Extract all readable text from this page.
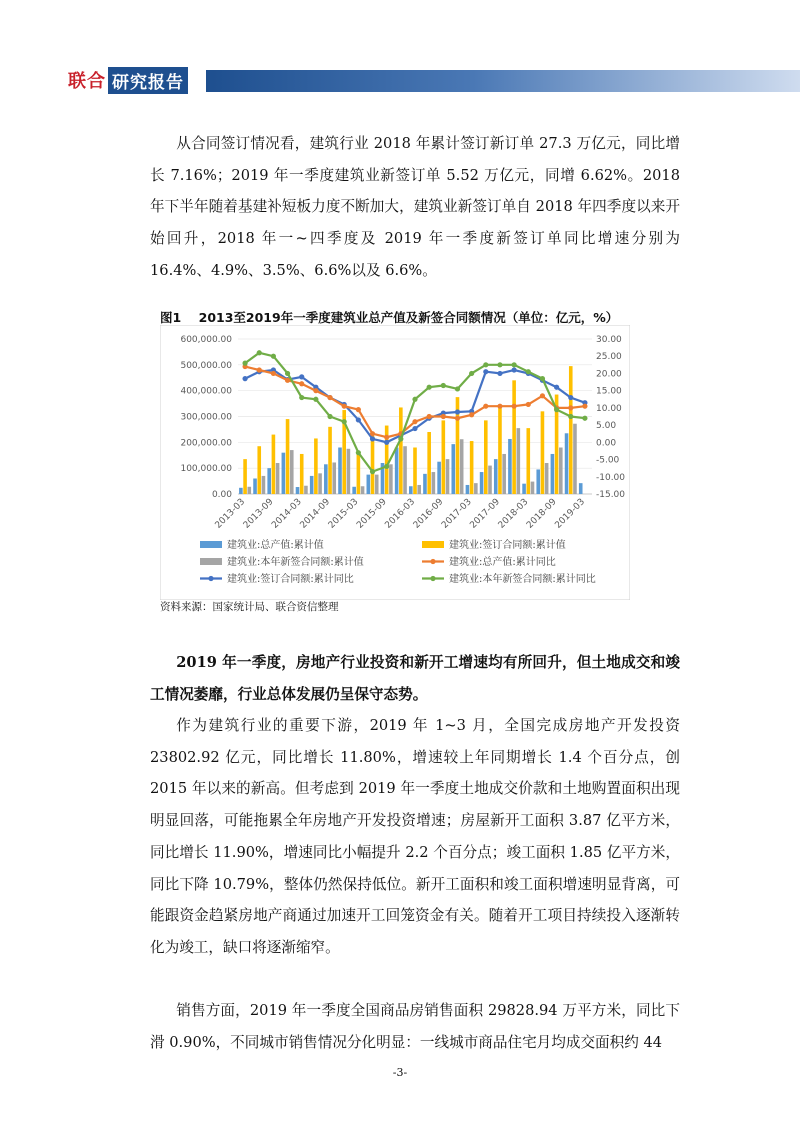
联合 研究报告

从合同签订情况看，建筑行业 2018 年累计签订新订单 27.3 万亿元，同比增长 7.16%；2019 年一季度建筑业新签订单 5.52 万亿元，同增 6.62%。2018 年下半年随着基建补短板力度不断加大，建筑业新签订单自 2018 年四季度以来开始回升，2018 年一~四季度及 2019 年一季度新签订单同比增速分别为 16.4%、4.9%、3.5%、6.6%以及 6.6%。

图1 2013至2019年一季度建筑业总产值及新签合同额情况（单位：亿元，%）
0.00
100,000.00
200,000.00
300,000.00
400,000.00
500,000.00
600,000.00
-15.00
-10.00
-5.00
0.00
5.00
10.00
15.00
20.00
25.00
30.00
2013-03
2013-09
2014-03
2014-09
2015-03
2015-09
2016-03
2016-09
2017-03
2017-09
2018-03
2018-09
2019-03
建筑业:总产值:累计值	建筑业:签订合同额:累计值
建筑业:本年新签合同额:累计值	建筑业:总产值:累计同比
建筑业:签订合同额:累计同比	建筑业:本年新签合同额:累计同比
资料来源：国家统计局、联合资信整理

2019 年一季度，房地产行业投资和新开工增速均有所回升，但土地成交和竣工情况萎靡，行业总体发展仍呈保守态势。

作为建筑行业的重要下游，2019 年 1~3 月，全国完成房地产开发投资 23802.92 亿元，同比增长 11.80%，增速较上年同期增长 1.4 个百分点，创 2015 年以来的新高。但考虑到 2019 年一季度土地成交价款和土地购置面积出现明显回落，可能拖累全年房地产开发投资增速；房屋新开工面积 3.87 亿平方米，同比增长 11.90%，增速同比小幅提升 2.2 个百分点；竣工面积 1.85 亿平方米，同比下降 10.79%，整体仍然保持低位。新开工面积和竣工面积增速明显背离，可能跟资金趋紧房地产商通过加速开工回笼资金有关。随着开工项目持续投入逐渐转化为竣工，缺口将逐渐缩窄。

销售方面，2019 年一季度全国商品房销售面积 29828.94 万平方米，同比下滑 0.90%，不同城市销售情况分化明显：一线城市商品住宅月均成交面积约 44

-3-
